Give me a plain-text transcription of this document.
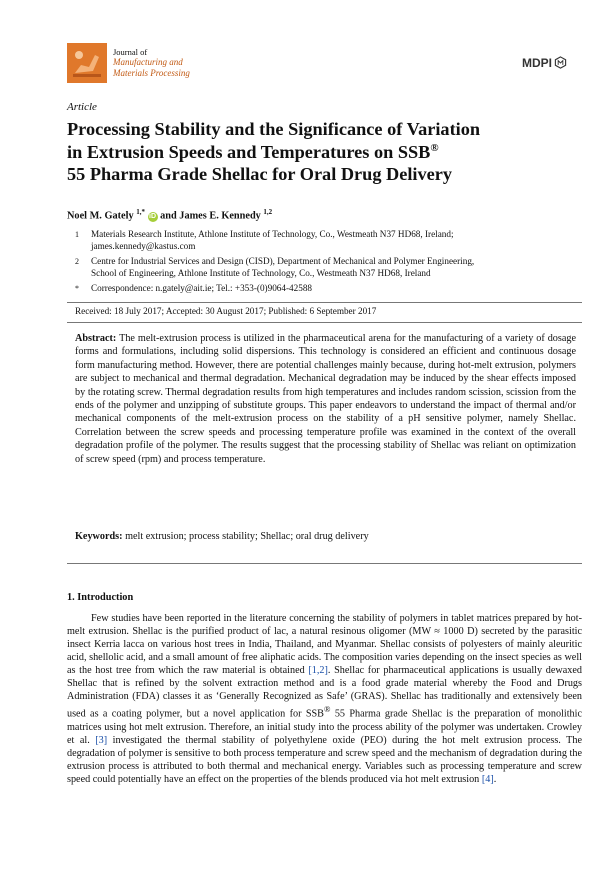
Journal of
Manufacturing and
Materials Processing
MDPI
Article
Processing Stability and the Significance of Variation
in Extrusion Speeds and Temperatures on SSB®
55 Pharma Grade Shellac for Oral Drug Delivery
Noel M. Gately $^{1,*}$ iD and James E. Kennedy $^{1,2}$
1 Materials Research Institute, Athlone Institute of Technology, Co., Westmeath N37 HD68, Ireland;
james.kennedy@kastus.com
2 Centre for Industrial Services and Design (CISD), Department of Mechanical and Polymer Engineering,
School of Engineering, Athlone Institute of Technology, Co., Westmeath N37 HD68, Ireland
* Correspondence: n.gately@ait.ie; Tel.: +353-(0)9064-42588
Received: 18 July 2017; Accepted: 30 August 2017; Published: 6 September 2017
Abstract: The melt-extrusion process is utilized in the pharmaceutical arena for the manufacturing of a variety of dosage forms and formulations, including solid dispersions. This technology is considered an efficient and continuous dosage form manufacturing method. However, there are potential challenges mainly because, during hot-melt extrusion, polymers are subject to mechanical and thermal degradation. Mechanical degradation may be induced by the shear effects imposed by the rotating screw. Thermal degradation results from high temperatures and includes random scission, scission from the ends of the polymer and unzipping of substitute groups. This paper endeavors to understand the impact of thermal and/or mechanical components of the melt-extrusion process on the stability of a pH sensitive polymer, namely Shellac. Correlation between the screw speeds and processing temperature profile was examined in the context of the overall degradation profile of the polymer. The results suggest that the processing stability of Shellac was reliant on optimization of screw speed (rpm) and process temperature.
Keywords: melt extrusion; process stability; Shellac; oral drug delivery
1. Introduction

Few studies have been reported in the literature concerning the stability of polymers in tablet matrices prepared by hot-melt extrusion. Shellac is the purified product of lac, a natural resinous oligomer (MW ≈ 1000 D) secreted by the parasitic insect Kerria lacca on various host trees in India, Thailand, and Myanmar. Shellac consists of polyesters of mainly aleuritic acid, shellolic acid, and a small amount of free aliphatic acids. The composition varies depending on the insect species as well as the host tree from which the raw material is obtained [1,2]. Shellac for pharmaceutical applications is usually dewaxed Shellac that is refined by the solvent extraction method and is a food grade material whereby the Food and Drugs Administration (FDA) classes it as ‘Generally Recognized as Safe’ (GRAS). Shellac has traditionally and extensively been used as a coating polymer, but a novel application for SSB® 55 Pharma grade Shellac is the preparation of monolithic matrices using hot melt extrusion. Therefore, an initial study into the process ability of the polymer was undertaken. Crowley et al. [3] investigated the thermal stability of polyethylene oxide (PEO) during the hot melt extrusion process. The degradation of polymer is sensitive to both process temperature and screw speed and the mechanism of degradation during the extrusion process is attributed to both thermal and mechanical energy. Variables such as processing temperature and screw speed could potentially have an effect on the properties of the blends produced via hot melt extrusion [4].
